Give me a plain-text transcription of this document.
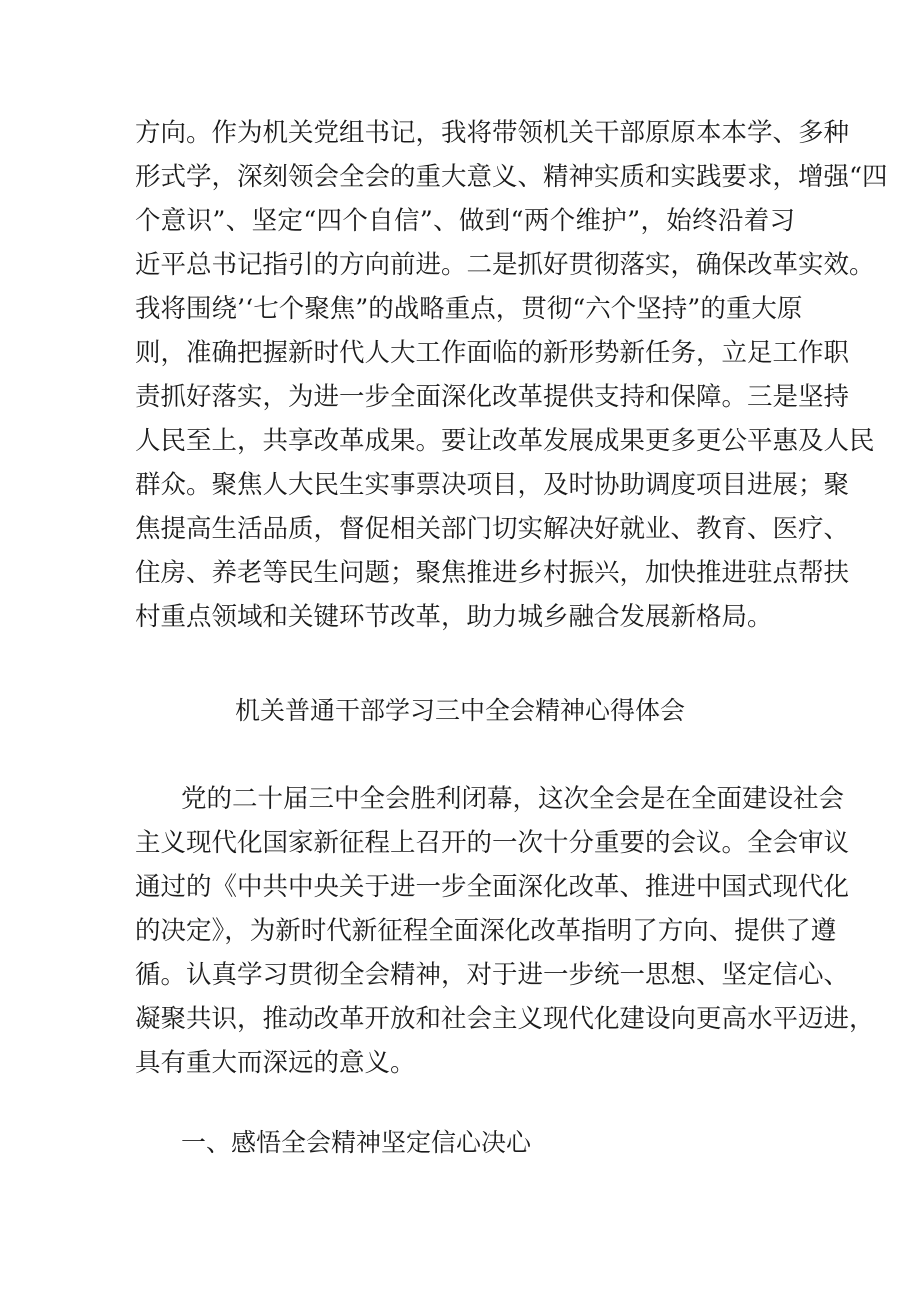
方向。作为机关党组书记，我将带领机关干部原原本本学、多种
形式学，深刻领会全会的重大意义、精神实质和实践要求，增强“四
个意识”、坚定“四个自信”、做到“两个维护”，始终沿着习
近平总书记指引的方向前进。二是抓好贯彻落实，确保改革实效。
我将围绕’‘七个聚焦”的战略重点，贯彻“六个坚持”的重大原
则，准确把握新时代人大工作面临的新形势新任务，立足工作职
责抓好落实，为进一步全面深化改革提供支持和保障。三是坚持
人民至上，共享改革成果。要让改革发展成果更多更公平惠及人民
群众。聚焦人大民生实事票决项目，及时协助调度项目进展；聚
焦提高生活品质，督促相关部门切实解决好就业、教育、医疗、
住房、养老等民生问题；聚焦推进乡村振兴，加快推进驻点帮扶
村重点领域和关键环节改革，助力城乡融合发展新格局。
机关普通干部学习三中全会精神心得体会
党的二十届三中全会胜利闭幕，这次全会是在全面建设社会
主义现代化国家新征程上召开的一次十分重要的会议。全会审议
通过的《中共中央关于进一步全面深化改革、推进中国式现代化
的决定》，为新时代新征程全面深化改革指明了方向、提供了遵
循。认真学习贯彻全会精神，对于进一步统一思想、坚定信心、
凝聚共识，推动改革开放和社会主义现代化建设向更高水平迈进，
具有重大而深远的意义。
一、感悟全会精神坚定信心决心
